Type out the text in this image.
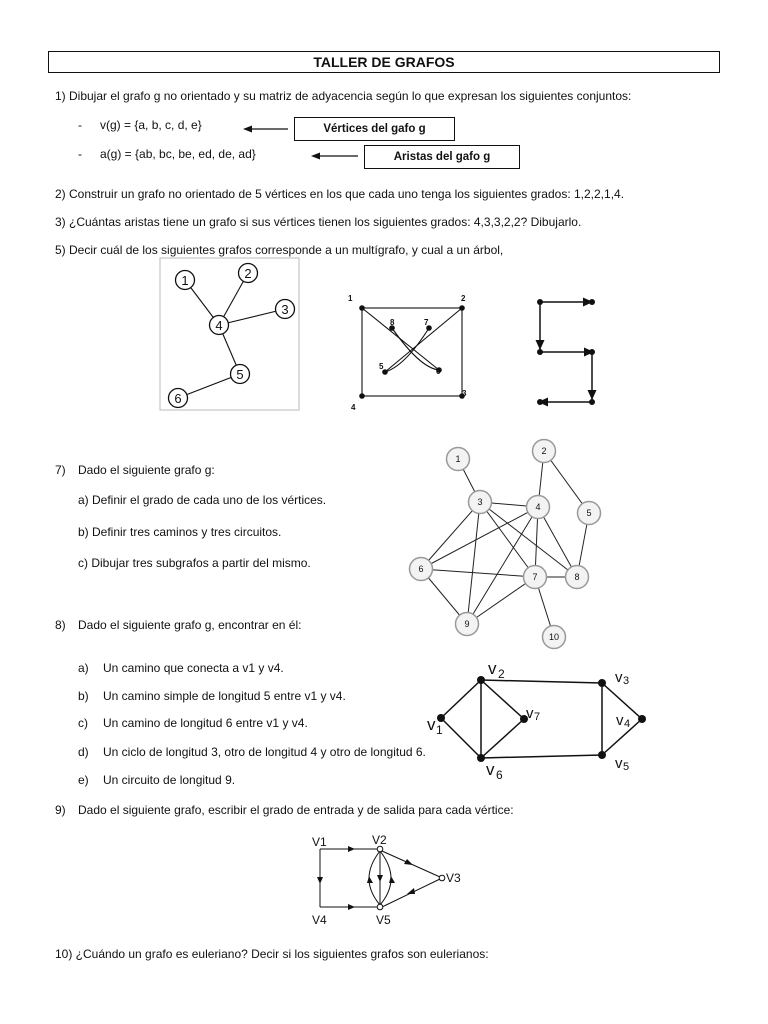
TALLER DE GRAFOS
1) Dibujar el grafo g no orientado y su matriz de adyacencia según lo que expresan los siguientes conjuntos:
- v(g) = {a, b, c, d, e}
- a(g) = {ab, bc, be, ed, de, ad}
Vértices del gafo g
Aristas del gafo g
2) Construir un grafo no orientado de 5 vértices en los que cada uno tenga los siguientes grados: 1,2,2,1,4.
3) ¿Cuántas aristas tiene un grafo si sus vértices tienen los siguientes grados: 4,3,3,2,2? Dibujarlo.
5) Decir cuál de los siguientes grafos corresponde a un multígrafo, y cual a un árbol,
1	2
3
4
5
6
1	2
3
4
5
6
7
8
7) Dado el siguiente grafo g:
a) Definir el grado de cada uno de los vértices.
b) Definir tres caminos y tres circuitos.
c) Dibujar tres subgrafos a partir del mismo.
1
2
3	4
5
6
7	8
9
10
8) Dado el siguiente grafo g, encontrar en él:
a) Un camino que conecta a v1 y v4.
b) Un camino simple de longitud 5 entre v1 y v4.
c) Un camino de longitud 6 entre v1 y v4.
d) Un ciclo de longitud 3, otro de longitud 4 y otro de longitud 6.
e) Un circuito de longitud 9.
v 2	v 3
v 4
v 1
v 7
v 6
v 5
9) Dado el siguiente grafo, escribir el grado de entrada y de salida para cada vértice:
V1	V2
V3
V4	V5
10) ¿Cuándo un grafo es euleriano? Decir si los siguientes grafos son eulerianos:
